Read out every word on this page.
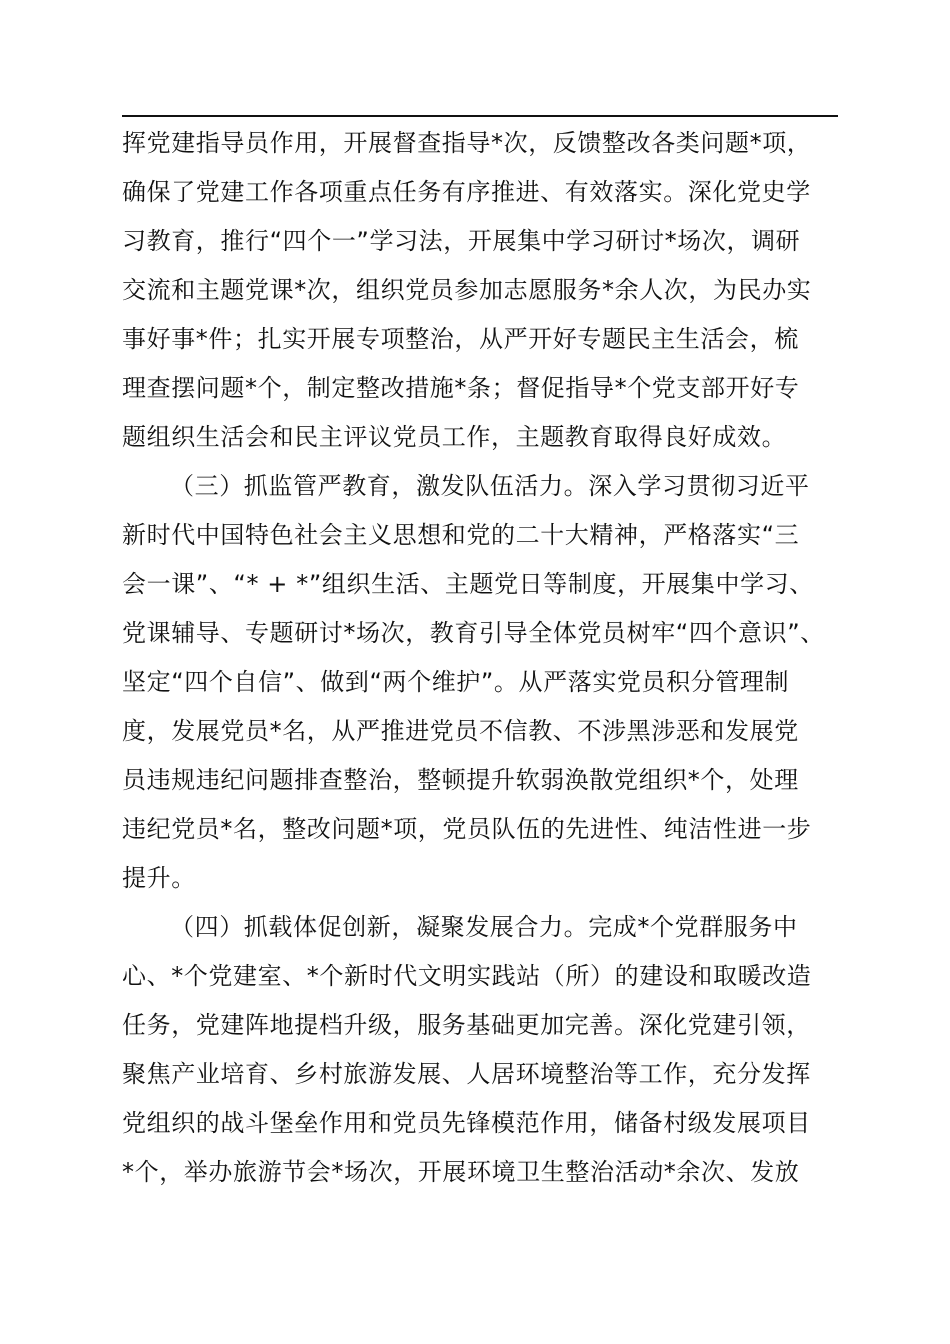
挥党建指导员作用，开展督查指导*次，反馈整改各类问题*项，
确保了党建工作各项重点任务有序推进、有效落实。深化党史学
习教育，推行“四个一”学习法，开展集中学习研讨*场次，调研
交流和主题党课*次，组织党员参加志愿服务*余人次，为民办实
事好事*件；扎实开展专项整治，从严开好专题民主生活会，梳
理查摆问题*个，制定整改措施*条；督促指导*个党支部开好专
题组织生活会和民主评议党员工作，主题教育取得良好成效。
（三）抓监管严教育，激发队伍活力。深入学习贯彻习近平
新时代中国特色社会主义思想和党的二十大精神，严格落实“三
会一课”、“* + *”组织生活、主题党日等制度，开展集中学习、
党课辅导、专题研讨*场次，教育引导全体党员树牢“四个意识”、
坚定“四个自信”、做到“两个维护”。从严落实党员积分管理制
度，发展党员*名，从严推进党员不信教、不涉黑涉恶和发展党
员违规违纪问题排查整治，整顿提升软弱涣散党组织*个，处理
违纪党员*名，整改问题*项，党员队伍的先进性、纯洁性进一步
提升。
（四）抓载体促创新，凝聚发展合力。完成*个党群服务中
心、*个党建室、*个新时代文明实践站（所）的建设和取暖改造
任务，党建阵地提档升级，服务基础更加完善。深化党建引领，
聚焦产业培育、乡村旅游发展、人居环境整治等工作，充分发挥
党组织的战斗堡垒作用和党员先锋模范作用，储备村级发展项目
*个，举办旅游节会*场次，开展环境卫生整治活动*余次、发放
